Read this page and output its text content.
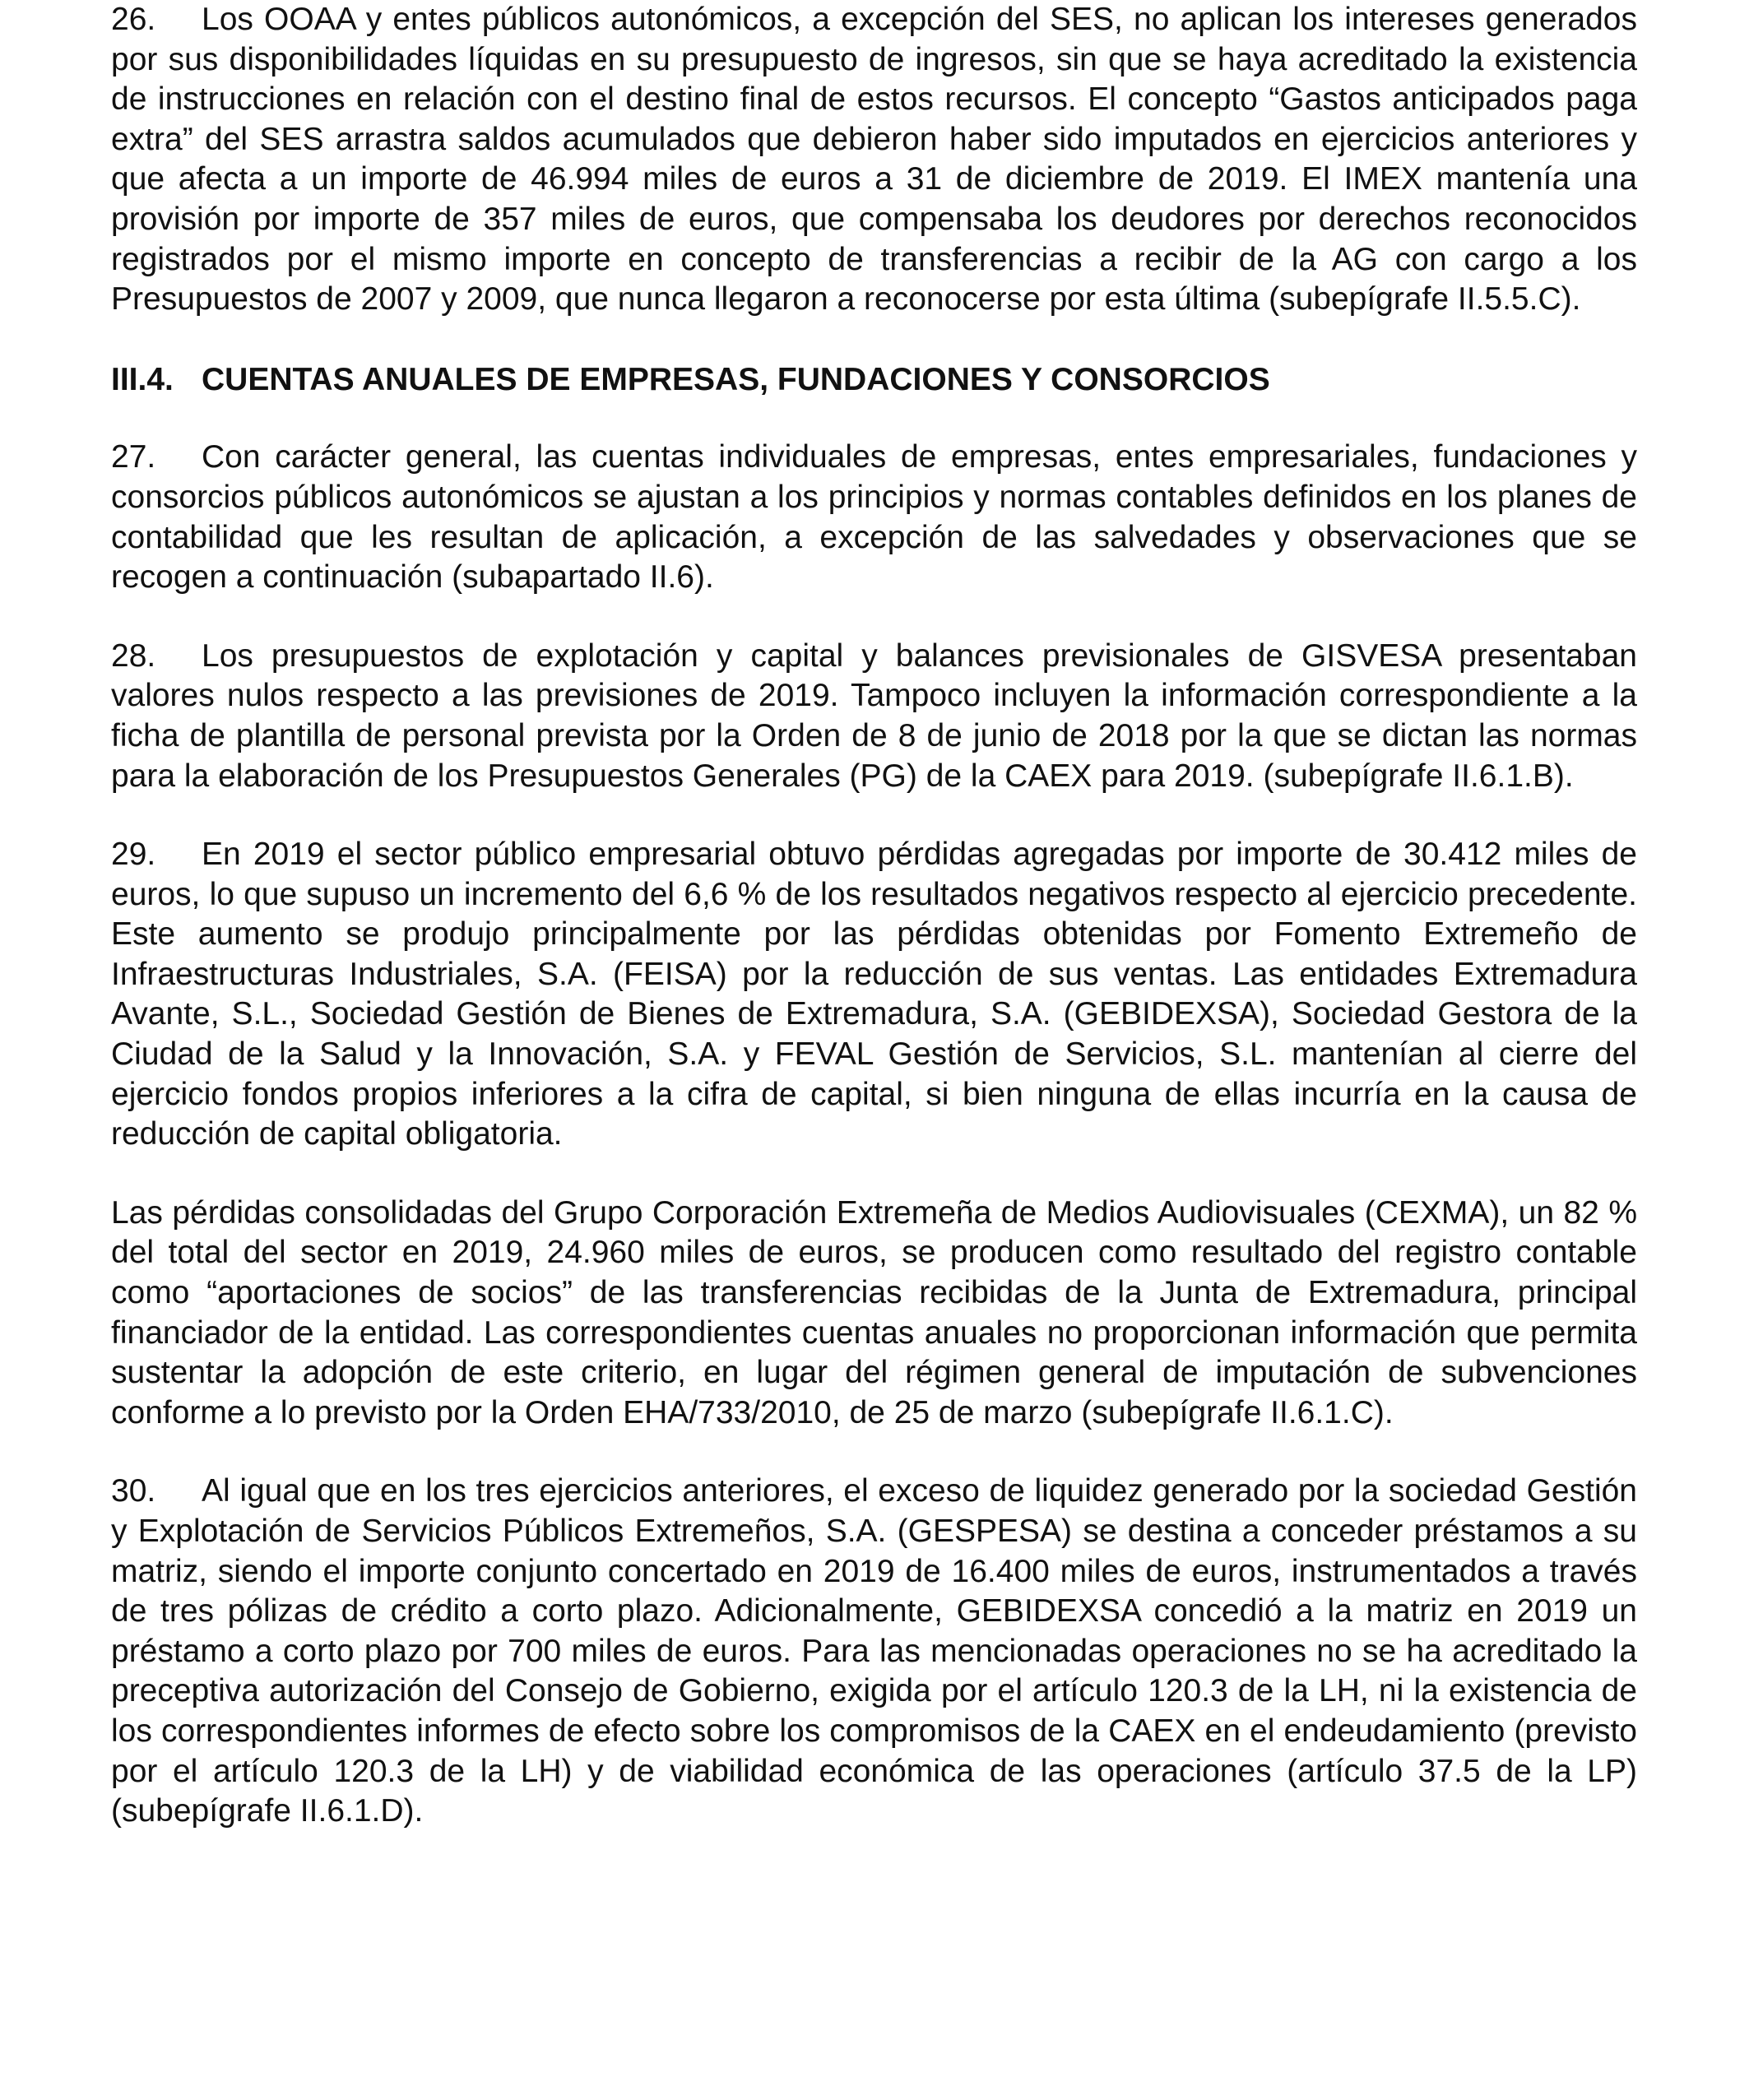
26. Los OOAA y entes públicos autonómicos, a excepción del SES, no aplican los intereses generados por sus disponibilidades líquidas en su presupuesto de ingresos, sin que se haya acreditado la existencia de instrucciones en relación con el destino final de estos recursos. El concepto “Gastos anticipados paga extra” del SES arrastra saldos acumulados que debieron haber sido imputados en ejercicios anteriores y que afecta a un importe de 46.994 miles de euros a 31 de diciembre de 2019. El IMEX mantenía una provisión por importe de 357 miles de euros, que compensaba los deudores por derechos reconocidos registrados por el mismo importe en concepto de transferencias a recibir de la AG con cargo a los Presupuestos de 2007 y 2009, que nunca llegaron a reconocerse por esta última (subepígrafe II.5.5.C).

III.4. CUENTAS ANUALES DE EMPRESAS, FUNDACIONES Y CONSORCIOS

27. Con carácter general, las cuentas individuales de empresas, entes empresariales, fundaciones y consorcios públicos autonómicos se ajustan a los principios y normas contables definidos en los planes de contabilidad que les resultan de aplicación, a excepción de las salvedades y observaciones que se recogen a continuación (subapartado II.6).

28. Los presupuestos de explotación y capital y balances previsionales de GISVESA presentaban valores nulos respecto a las previsiones de 2019. Tampoco incluyen la información correspondiente a la ficha de plantilla de personal prevista por la Orden de 8 de junio de 2018 por la que se dictan las normas para la elaboración de los Presupuestos Generales (PG) de la CAEX para 2019. (subepígrafe II.6.1.B).

29. En 2019 el sector público empresarial obtuvo pérdidas agregadas por importe de 30.412 miles de euros, lo que supuso un incremento del 6,6 % de los resultados negativos respecto al ejercicio precedente. Este aumento se produjo principalmente por las pérdidas obtenidas por Fomento Extremeño de Infraestructuras Industriales, S.A. (FEISA) por la reducción de sus ventas. Las entidades Extremadura Avante, S.L., Sociedad Gestión de Bienes de Extremadura, S.A. (GEBIDEXSA), Sociedad Gestora de la Ciudad de la Salud y la Innovación, S.A. y FEVAL Gestión de Servicios, S.L. mantenían al cierre del ejercicio fondos propios inferiores a la cifra de capital, si bien ninguna de ellas incurría en la causa de reducción de capital obligatoria.

Las pérdidas consolidadas del Grupo Corporación Extremeña de Medios Audiovisuales (CEXMA), un 82 % del total del sector en 2019, 24.960 miles de euros, se producen como resultado del registro contable como “aportaciones de socios” de las transferencias recibidas de la Junta de Extremadura, principal financiador de la entidad. Las correspondientes cuentas anuales no proporcionan información que permita sustentar la adopción de este criterio, en lugar del régimen general de imputación de subvenciones conforme a lo previsto por la Orden EHA/733/2010, de 25 de marzo (subepígrafe II.6.1.C).

30. Al igual que en los tres ejercicios anteriores, el exceso de liquidez generado por la sociedad Gestión y Explotación de Servicios Públicos Extremeños, S.A. (GESPESA) se destina a conceder préstamos a su matriz, siendo el importe conjunto concertado en 2019 de 16.400 miles de euros, instrumentados a través de tres pólizas de crédito a corto plazo. Adicionalmente, GEBIDEXSA concedió a la matriz en 2019 un préstamo a corto plazo por 700 miles de euros. Para las mencionadas operaciones no se ha acreditado la preceptiva autorización del Consejo de Gobierno, exigida por el artículo 120.3 de la LH, ni la existencia de los correspondientes informes de efecto sobre los compromisos de la CAEX en el endeudamiento (previsto por el artículo 120.3 de la LH) y de viabilidad económica de las operaciones (artículo 37.5 de la LP) (subepígrafe II.6.1.D).
